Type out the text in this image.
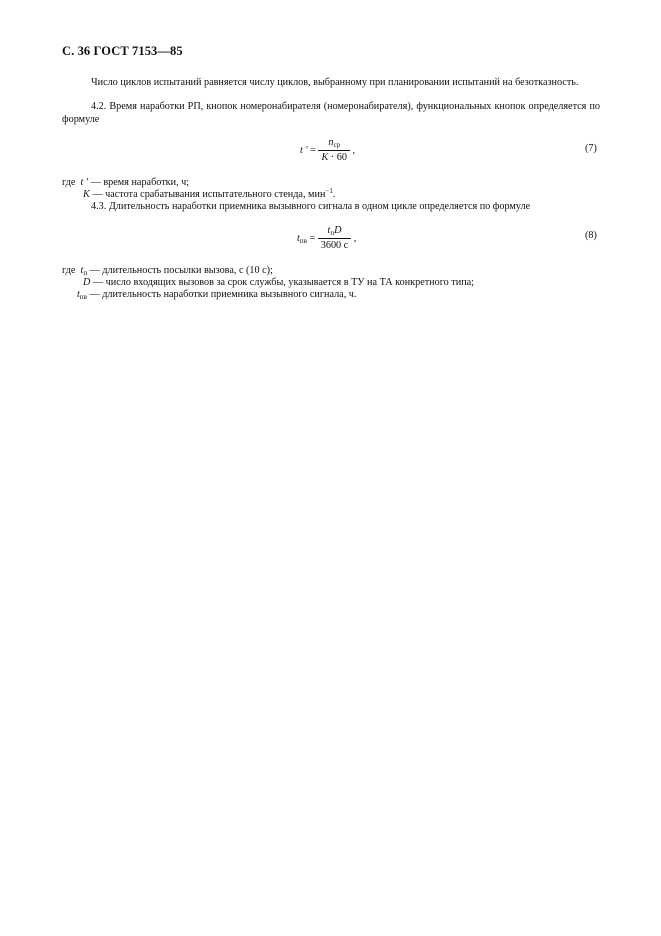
С. 36 ГОСТ 7153—85
Число циклов испытаний равняется числу циклов, выбранному при планировании испытаний на безотказность.
4.2. Время наработки РП, кнопок номеронабирателя (номеронабирателя), функциональных кнопок определяется по формуле
t ′ = $\frac{n_{ср}}{K \cdot 60}$ ,	(7)
где t ′ — время наработки, ч;
K — частота срабатывания испытательного стенда, мин$^{-1}$.
4.3. Длительность наработки приемника вызывного сигнала в одном цикле определяется по формуле
$t_{пв} = \frac{t_пD}{3600 с}$ ,	(8)
где $t_п$ — длительность посылки вызова, с (10 с);
D — число входящих вызовов за срок службы, указывается в ТУ на ТА конкретного типа;
$t_{пв}$ — длительность наработки приемника вызывного сигнала, ч.
